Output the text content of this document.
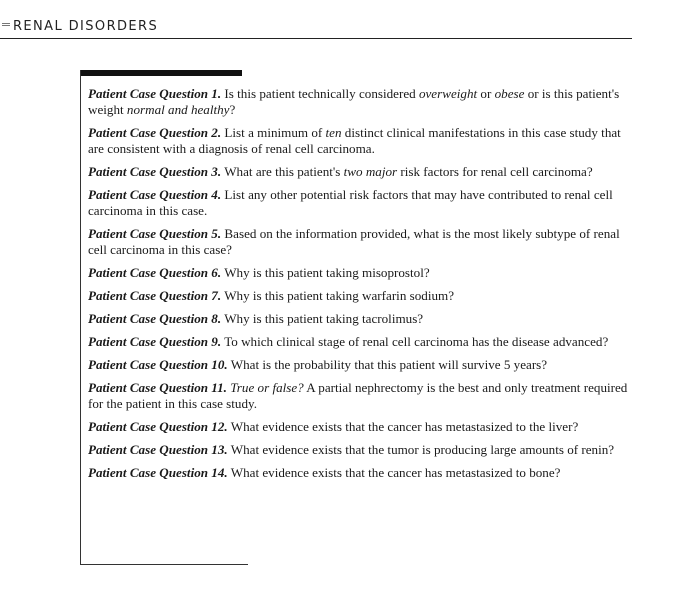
RENAL DISORDERS

Patient Case Question 1. Is this patient technically considered overweight or obese or is this patient's weight normal and healthy?

Patient Case Question 2. List a minimum of ten distinct clinical manifestations in this case study that are consistent with a diagnosis of renal cell carcinoma.

Patient Case Question 3. What are this patient's two major risk factors for renal cell carcinoma?

Patient Case Question 4. List any other potential risk factors that may have contributed to renal cell carcinoma in this case.

Patient Case Question 5. Based on the information provided, what is the most likely subtype of renal cell carcinoma in this case?

Patient Case Question 6. Why is this patient taking misoprostol?

Patient Case Question 7. Why is this patient taking warfarin sodium?

Patient Case Question 8. Why is this patient taking tacrolimus?

Patient Case Question 9. To which clinical stage of renal cell carcinoma has the disease advanced?

Patient Case Question 10. What is the probability that this patient will survive 5 years?

Patient Case Question 11. True or false? A partial nephrectomy is the best and only treatment required for the patient in this case study.

Patient Case Question 12. What evidence exists that the cancer has metastasized to the liver?

Patient Case Question 13. What evidence exists that the tumor is producing large amounts of renin?

Patient Case Question 14. What evidence exists that the cancer has metastasized to bone?
